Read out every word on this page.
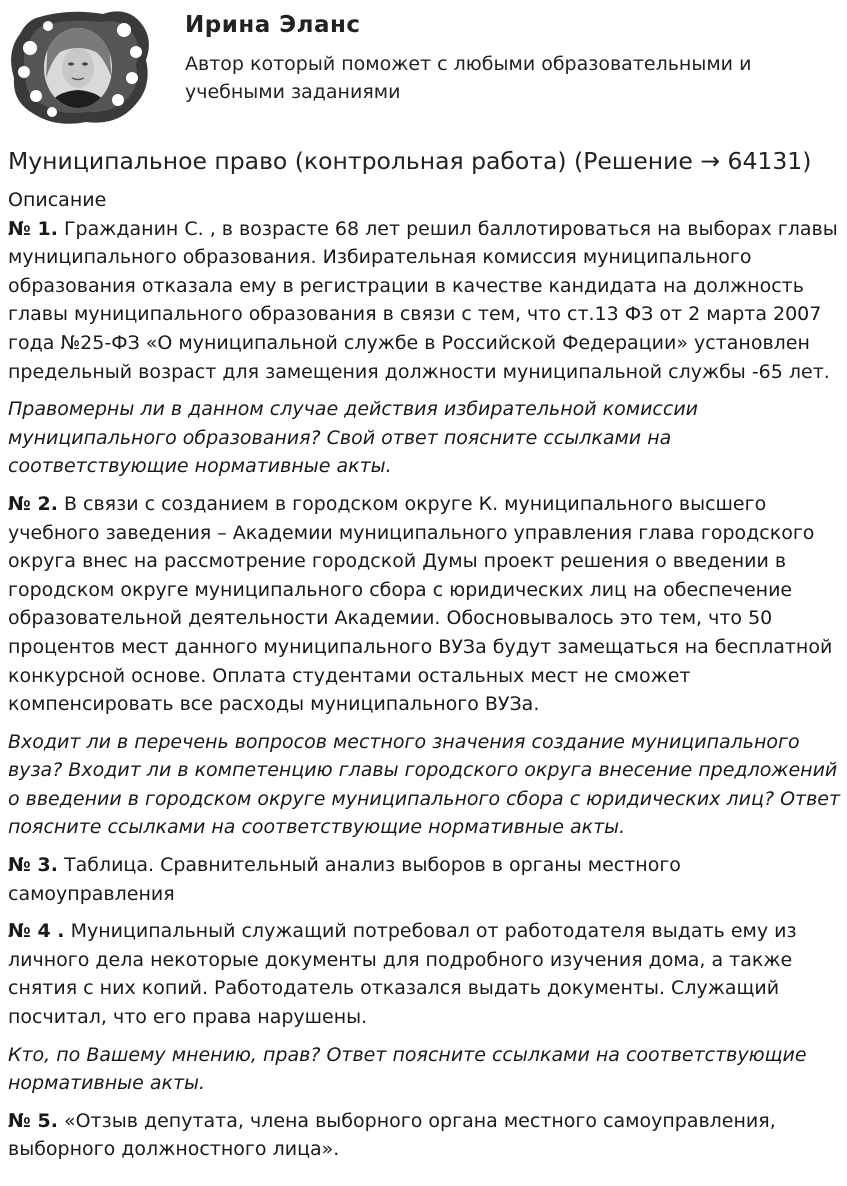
Ирина Эланс
Автор который поможет с любыми образовательными и учебными заданиями
Муниципальное право (контрольная работа) (Решение → 64131)
Описание

№ 1. Гражданин С. , в возрасте 68 лет решил баллотироваться на выборах главы муниципального образования. Избирательная комиссия муниципального образования отказала ему в регистрации в качестве кандидата на должность главы муниципального образования в связи с тем, что ст.13 ФЗ от 2 марта 2007 года №25-ФЗ «О муниципальной службе в Российской Федерации» установлен предельный возраст для замещения должности муниципальной службы -65 лет.

Правомерны ли в данном случае действия избирательной комиссии муниципального образования? Свой ответ поясните ссылками на соответствующие нормативные акты.

№ 2. В связи с созданием в городском округе К. муниципального высшего учебного заведения – Академии муниципального управления глава городского округа внес на рассмотрение городской Думы проект решения о введении в городском округе муниципального сбора с юридических лиц на обеспечение образовательной деятельности Академии. Обосновывалось это тем, что 50 процентов мест данного муниципального ВУЗа будут замещаться на бесплатной конкурсной основе. Оплата студентами остальных мест не сможет компенсировать все расходы муниципального ВУЗа.

Входит ли в перечень вопросов местного значения создание муниципального вуза? Входит ли в компетенцию главы городского округа внесение предложений о введении в городском округе муниципального сбора с юридических лиц? Ответ поясните ссылками на соответствующие нормативные акты.

№ 3. Таблица. Сравнительный анализ выборов в органы местного самоуправления

№ 4 . Муниципальный служащий потребовал от работодателя выдать ему из личного дела некоторые документы для подробного изучения дома, а также снятия с них копий. Работодатель отказался выдать документы. Служащий посчитал, что его права нарушены.

Кто, по Вашему мнению, прав? Ответ поясните ссылками на соответствующие нормативные акты.

№ 5. «Отзыв депутата, члена выборного органа местного самоуправления, выборного должностного лица».
